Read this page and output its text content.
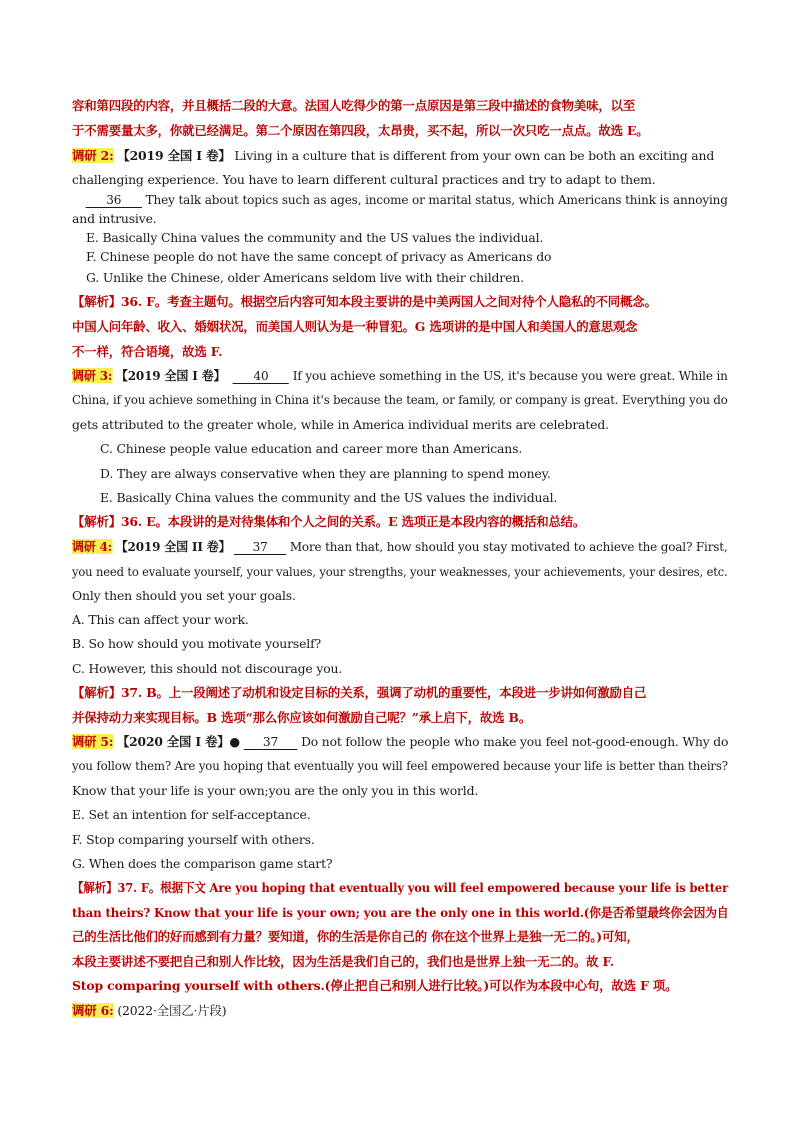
容和第四段的内容，并且概括二段的大意。法国人吃得少的第一点原因是第三段中描述的食物美味，以至
于不需要量太多，你就已经满足。第二个原因在第四段，太昂贵，买不起，所以一次只吃一点点。故选 E。
调研 2: 【2019 全国 I 卷】 Living in a culture that is different from your own can be both an exciting and
challenging experience. You have to learn different cultural practices and try to adapt to them.
36 They talk about topics such as ages, income or marital status, which Americans think is annoying
and intrusive.
E. Basically China values the community and the US values the individual.
F. Chinese people do not have the same concept of privacy as Americans do
G. Unlike the Chinese, older Americans seldom live with their children.
【解析】36. F。考查主题句。根据空后内容可知本段主要讲的是中美两国人之间对待个人隐私的不同概念。
中国人问年龄、收入、婚姻状况，而美国人则认为是一种冒犯。G 选项讲的是中国人和美国人的意思观念
不一样，符合语境，故选 F.
调研 3: 【2019 全国 I 卷】 40 If you achieve something in the US, it's because you were great. While in
China, if you achieve something in China it's because the team, or family, or company is great. Everything you do
gets attributed to the greater whole, while in America individual merits are celebrated.
C. Chinese people value education and career more than Americans.
D. They are always conservative when they are planning to spend money.
E. Basically China values the community and the US values the individual.
【解析】36. E。本段讲的是对待集体和个人之间的关系。E 选项正是本段内容的概括和总结。
调研 4: 【2019 全国 II 卷】 37 More than that, how should you stay motivated to achieve the goal? First,
you need to evaluate yourself, your values, your strengths, your weaknesses, your achievements, your desires, etc.
Only then should you set your goals.
A. This can affect your work.
B. So how should you motivate yourself?
C. However, this should not discourage you.
【解析】37. B。上一段阐述了动机和设定目标的关系，强调了动机的重要性，本段进一步讲如何激励自己
并保持动力来实现目标。B 选项“那么你应该如何激励自己呢？”承上启下，故选 B。
调研 5: 【2020 全国 I 卷】● 37 Do not follow the people who make you feel not-good-enough. Why do
you follow them? Are you hoping that eventually you will feel empowered because your life is better than theirs?
Know that your life is your own;you are the only you in this world.
E. Set an intention for self-acceptance.
F. Stop comparing yourself with others.
G. When does the comparison game start?
【解析】37. F。根据下文 Are you hoping that eventually you will feel empowered because your life is better
than theirs? Know that your life is your own; you are the only one in this world.(你是否希望最终你会因为自
己的生活比他们的好而感到有力量？要知道，你的生活是你自己的 你在这个世界上是独一无二的。)可知，
本段主要讲述不要把自己和别人作比较，因为生活是我们自己的，我们也是世界上独一无二的。故 F.
Stop comparing yourself with others.(停止把自己和别人进行比较。)可以作为本段中心句，故选 F 项。
调研 6: (2022·全国乙·片段)
